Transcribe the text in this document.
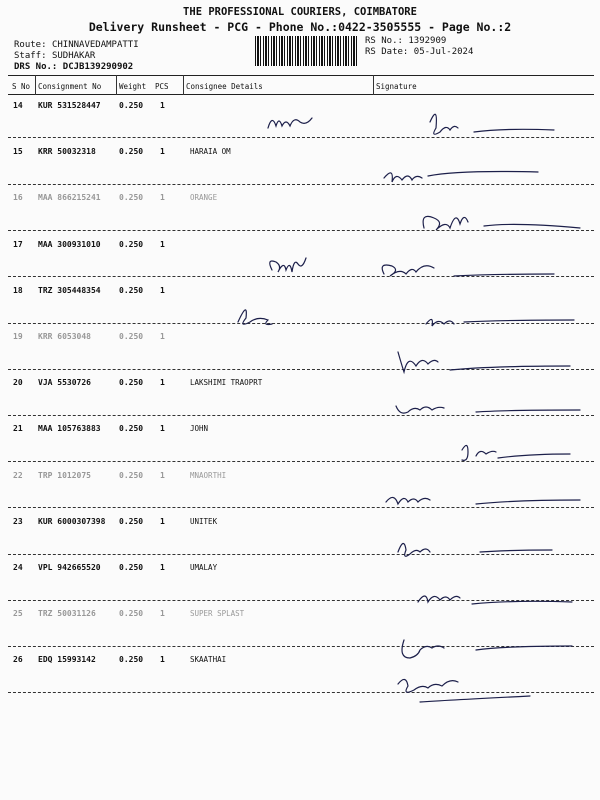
THE PROFESSIONAL COURIERS, COIMBATORE
Delivery Runsheet - PCG - Phone No.:0422-3505555 - Page No.:2
Route: CHINNAVEDAMPATTI
Staff: SUDHAKAR
DRS No.: DCJB139290902
RS No.: 1392909
RS Date: 05-Jul-2024
S No Consignment No Weight PCS Consignee Details	Signature
14 KUR 531528447 0.250 1
15 KRR 50032318	0.250 1	HARAIA OM
16 MAA 866215241 0.250 1	ORANGE
17 MAA 300931010 0.250 1
18 TRZ 305448354 0.250 1
19 KRR 6053048	0.250 1
20 VJA 5530726	0.250 1	LAKSHIMI TRAOPRT
21 MAA 105763883 0.250 1	JOHN
22 TRP 1012075	0.250 1	MNAORTHI
23 KUR 6000307398 0.250 1	UNITEK
24 VPL 942665520 0.250 1	UMALAY
25 TRZ 50031126	0.250 1	SUPER SPLAST
26 EDQ 15993142	0.250 1	SKAATHAI
